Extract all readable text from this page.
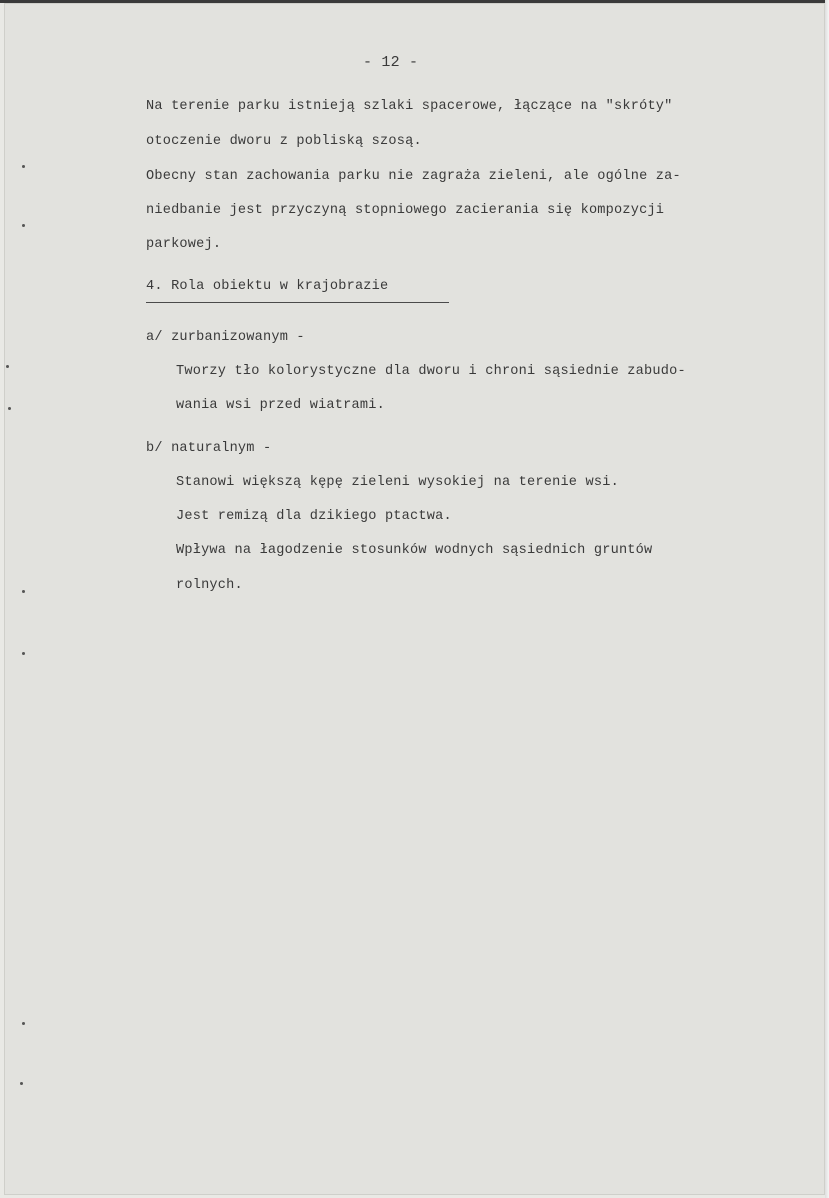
- 12 -
Na terenie parku istnieją szlaki spacerowe, łączące na "skróty"
otoczenie dworu z pobliską szosą.
Obecny stan zachowania parku nie zagraża zieleni, ale ogólne za-
niedbanie jest przyczyną stopniowego zacierania się kompozycji
parkowej.
4. Rola obiektu w krajobrazie
a/ zurbanizowanym -
Tworzy tło kolorystyczne dla dworu i chroni sąsiednie zabudo-
wania wsi przed wiatrami.
b/ naturalnym -
Stanowi większą kępę zieleni wysokiej na terenie wsi.
Jest remizą dla dzikiego ptactwa.
Wpływa na łagodzenie stosunków wodnych sąsiednich gruntów
rolnych.
